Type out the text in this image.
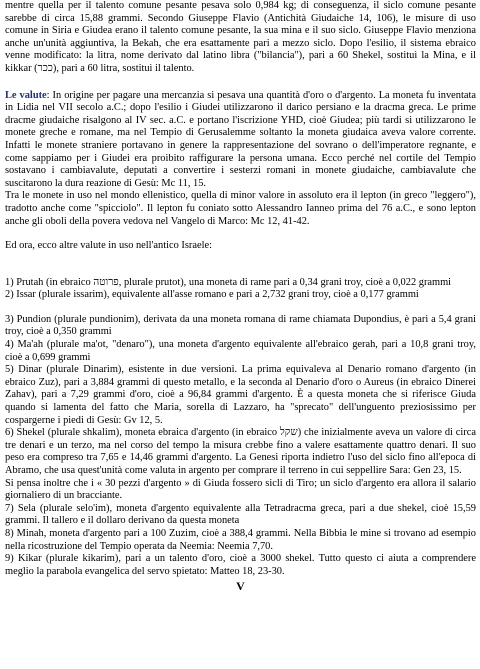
mentre quella per il talento comune pesante pesava solo 0,984 kg; di conseguenza, il siclo comune pesante sarebbe di circa 15,88 grammi. Secondo Giuseppe Flavio (Antichità Giudaiche 14, 106), le misure di uso comune in Siria e Giudea erano il talento comune pesante, la sua mina e il suo siclo. Giuseppe Flavio menziona anche un'unità aggiuntiva, la Bekah, che era esattamente pari a mezzo siclo. Dopo l'esilio, il sistema ebraico venne modificato: la litra, nome derivato dal latino libra ("bilancia"), pari a 60 Shekel, sostituì la Mina, e il kikkar (ככר), pari a 60 litra, sostituì il talento.

Le valute: In origine per pagare una mercanzia si pesava una quantità d'oro o d'argento. La moneta fu inventata in Lidia nel VII secolo a.C.; dopo l'esilio i Giudei utilizzarono il darico persiano e la dracma greca. Le prime dracme giudaiche risalgono al IV sec. a.C. e portano l'iscrizione YHD, cioè Giudea; più tardi si utilizzarono le monete greche e romane, ma nel Tempio di Gerusalemme soltanto la moneta giudaica aveva valore corrente. Infatti le monete straniere portavano in genere la rappresentazione del sovrano o dell'imperatore regnante, e come sappiamo per i Giudei era proibito raffigurare la persona umana. Ecco perché nel cortile del Tempio sostavano i cambiavalute, deputati a convertire i sesterzi romani in monete giudaiche, cambiavalute che suscitarono la dura reazione di Gesù: Mc 11, 15.

Tra le monete in uso nel mondo ellenistico, quella di minor valore in assoluto era il lepton (in greco "leggero"), tradotto anche come "spicciolo". Il lepton fu coniato sotto Alessandro Ianneo prima del 76 a.C., e sono lepton anche gli oboli della povera vedova nel Vangelo di Marco: Mc 12, 41-42.

Ed ora, ecco altre valute in uso nell'antico Israele:

1) Prutah (in ebraico פרוטה, plurale prutot), una moneta di rame pari a 0,34 grani troy, cioè a 0,022 grammi

2) Issar (plurale issarim), equivalente all'asse romano e pari a 2,732 grani troy, cioè a 0,177 grammi

3) Pundion (plurale pundionim), derivata da una moneta romana di rame chiamata Dupondius, è pari a 5,4 grani troy, cioè a 0,350 grammi

4) Ma'ah (plurale ma'ot, "denaro"), una moneta d'argento equivalente all'ebraico gerah, pari a 10,8 grani troy, cioè a 0,699 grammi

5) Dinar (plurale Dinarim), esistente in due versioni. La prima equivaleva al Denario romano d'argento (in ebraico Zuz), pari a 3,884 grammi di questo metallo, e la seconda al Denario d'oro o Aureus (in ebraico Dinerei Zahav), pari a 7,29 grammi d'oro, cioè a 96,84 grammi d'argento. È a questa moneta che si riferisce Giuda quando si lamenta del fatto che Maria, sorella di Lazzaro, ha "sprecato" dell'unguento preziosissimo per cospargerne i piedi di Gesù: Gv 12, 5.

6) Shekel (plurale shkalim), moneta ebraica d'argento (in ebraico שקל) che inizialmente aveva un valore di circa tre denari e un terzo, ma nel corso del tempo la misura crebbe fino a valere esattamente quattro denari. Il suo peso era compreso tra 7,65 e 14,46 grammi d'argento. La Genesi riporta indietro l'uso del siclo fino all'epoca di Abramo, che usa quest'unità come valuta in argento per comprare il terreno in cui seppellire Sara: Gen 23, 15.

Si pensa inoltre che i « 30 pezzi d'argento » di Giuda fossero sicli di Tiro; un siclo d'argento era allora il salario giornaliero di un bracciante.

7) Sela (plurale selo'im), moneta d'argento equivalente alla Tetradracma greca, pari a due shekel, cioè 15,59 grammi. Il tallero e il dollaro derivano da questa moneta

8) Minah, moneta d'argento pari a 100 Zuzim, cioè a 388,4 grammi. Nella Bibbia le mine si trovano ad esempio nella ricostruzione del Tempio operata da Neemia: Neemia 7,70.

9) Kikar (plurale kikarim), pari a un talento d'oro, cioè a 3000 shekel. Tutto questo ci aiuta a comprendere meglio la parabola evangelica del servo spietato: Matteo 18, 23-30.

V
